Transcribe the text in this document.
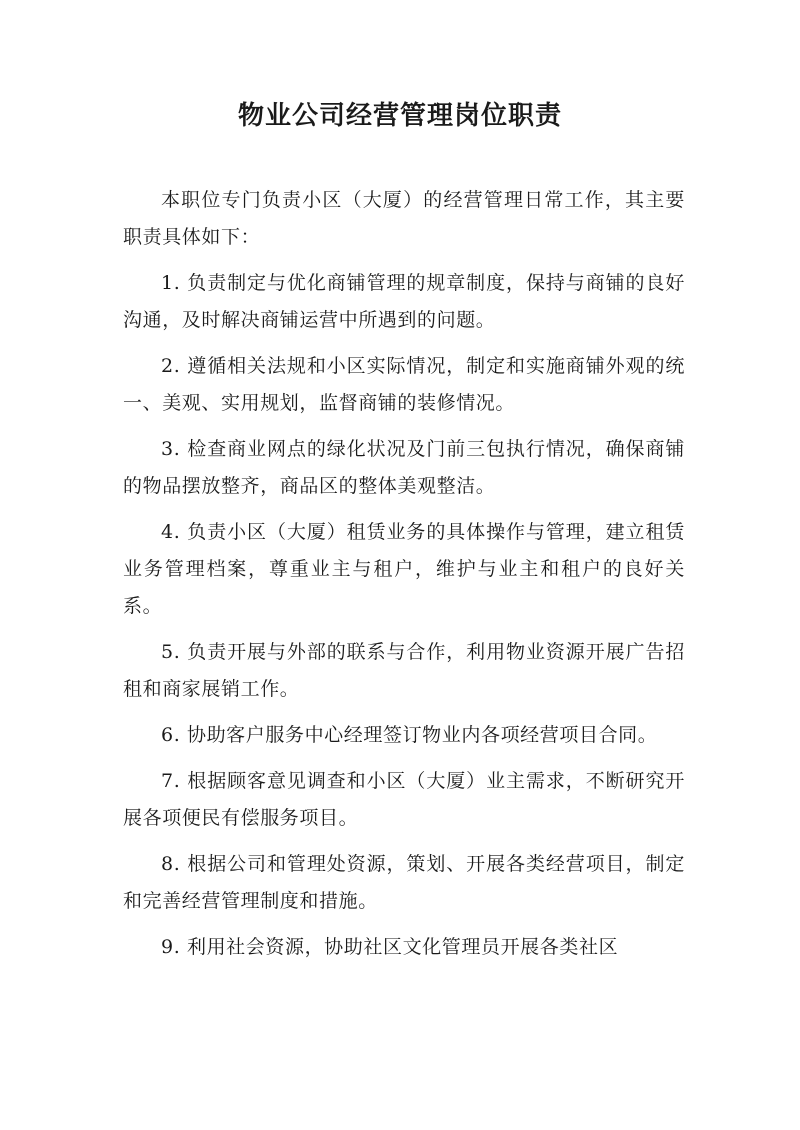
物业公司经营管理岗位职责

本职位专门负责小区（大厦）的经营管理日常工作，其主要职责具体如下：

1. 负责制定与优化商铺管理的规章制度，保持与商铺的良好沟通，及时解决商铺运营中所遇到的问题。

2. 遵循相关法规和小区实际情况，制定和实施商铺外观的统一、美观、实用规划，监督商铺的装修情况。

3. 检查商业网点的绿化状况及门前三包执行情况，确保商铺的物品摆放整齐，商品区的整体美观整洁。

4. 负责小区（大厦）租赁业务的具体操作与管理，建立租赁业务管理档案，尊重业主与租户，维护与业主和租户的良好关系。

5. 负责开展与外部的联系与合作，利用物业资源开展广告招租和商家展销工作。

6. 协助客户服务中心经理签订物业内各项经营项目合同。

7. 根据顾客意见调查和小区（大厦）业主需求，不断研究开展各项便民有偿服务项目。

8. 根据公司和管理处资源，策划、开展各类经营项目，制定和完善经营管理制度和措施。

9. 利用社会资源，协助社区文化管理员开展各类社区
